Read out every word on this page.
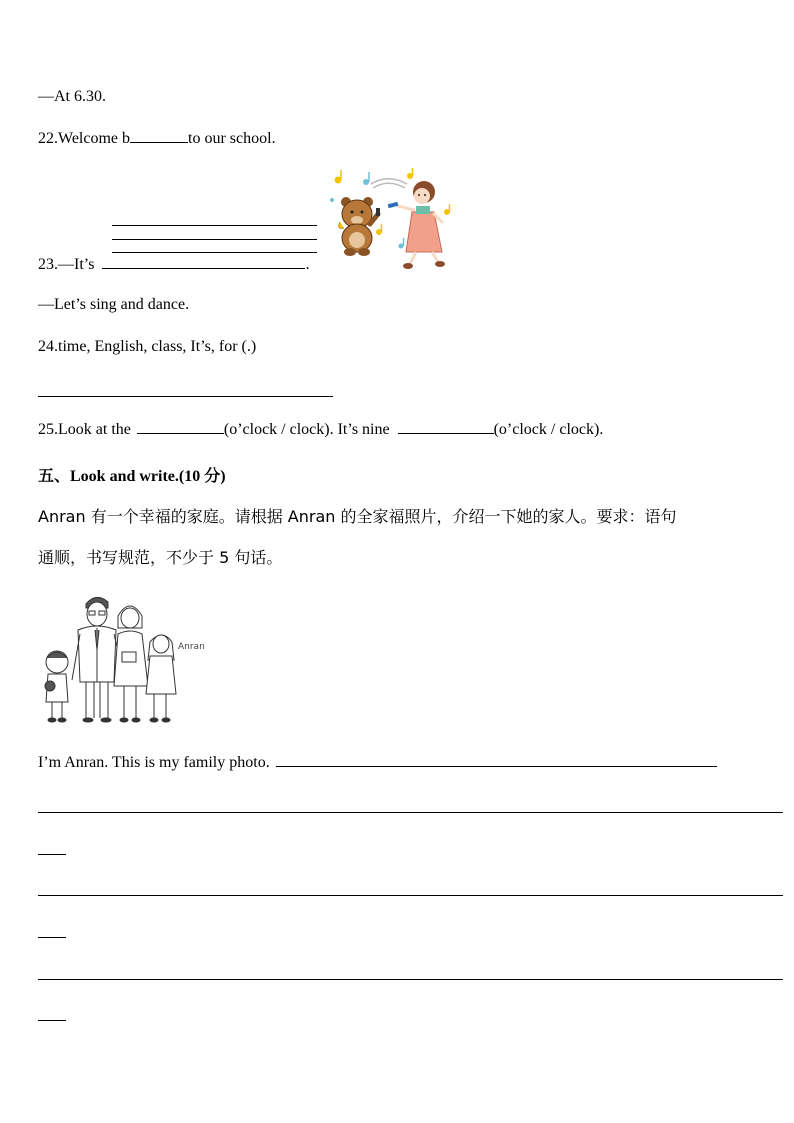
—At 6.30.
22.Welcome b	to our school.
23.—It’s	.
—Let’s sing and dance.
24.time, English, class, It’s, for (.)
25.Look at the	(o’clock / clock). It’s nine	(o’clock / clock).
五、Look and write.(10 分)
Anran 有一个幸福的家庭。请根据 Anran 的全家福照片，介绍一下她的家人。要求：语句
通顺，书写规范，不少于 5 句话。
Anran
I’m Anran. This is my family photo.
